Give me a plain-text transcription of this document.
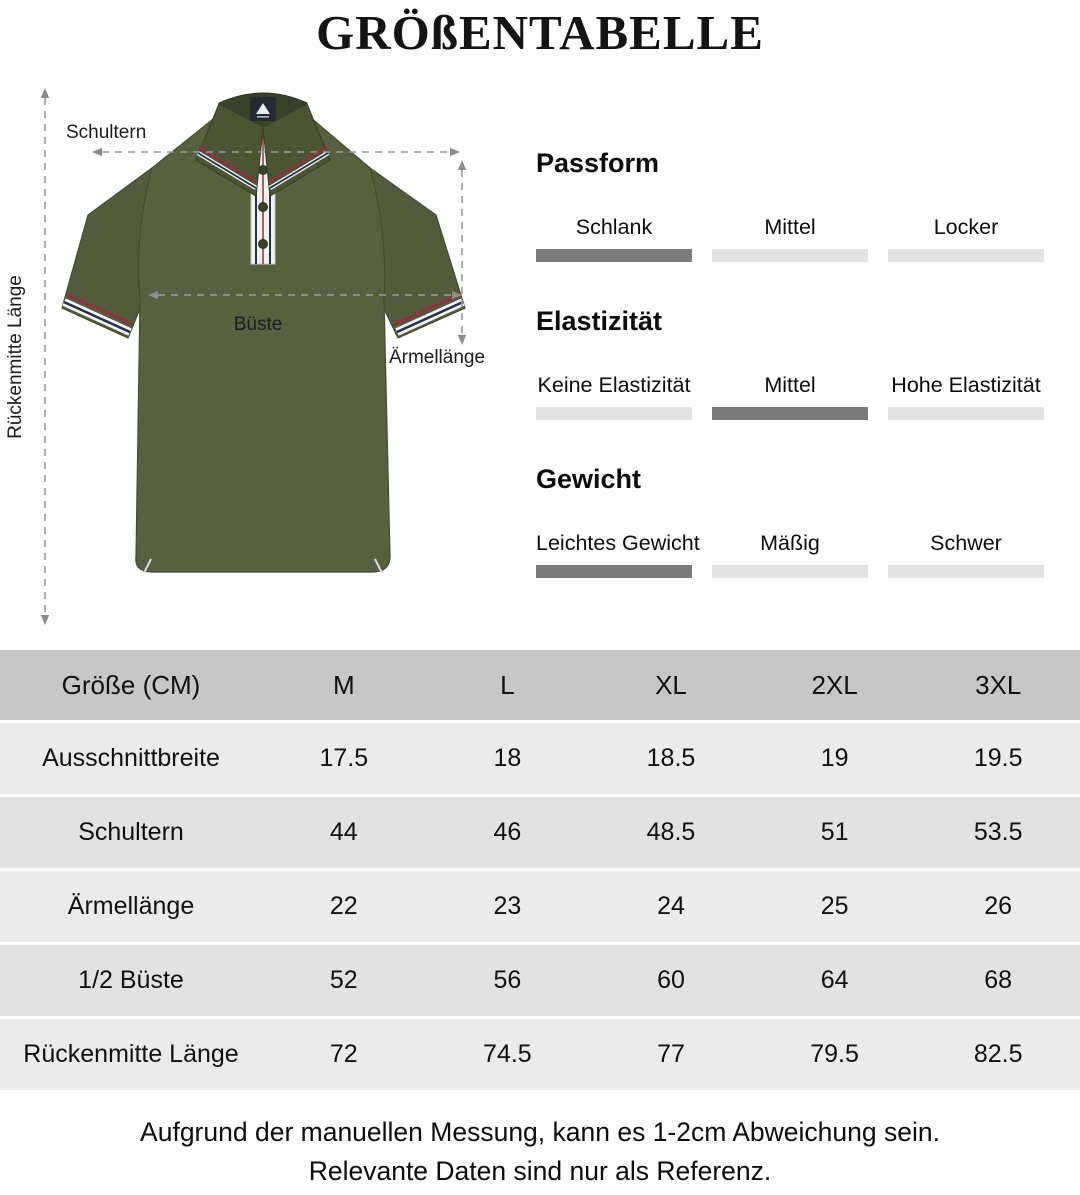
GRÖßENTABELLE
Schultern
Rückenmitte Länge	Büste
Ärmellänge
Passform
Schlank	Mittel	Locker
Elastizität
Keine Elastizität	Mittel	Hohe Elastizität
Gewicht
Leichtes Gewicht	Mäßig	Schwer
Größe (CM)	M	L	XL	2XL	3XL
Ausschnittbreite	17.5	18	18.5	19	19.5
Schultern	44	46	48.5	51	53.5
Ärmellänge	22	23	24	25	26
1/2 Büste	52	56	60	64	68
Rückenmitte Länge	72	74.5	77	79.5	82.5

Aufgrund der manuellen Messung, kann es 1-2cm Abweichung sein.

Relevante Daten sind nur als Referenz.
